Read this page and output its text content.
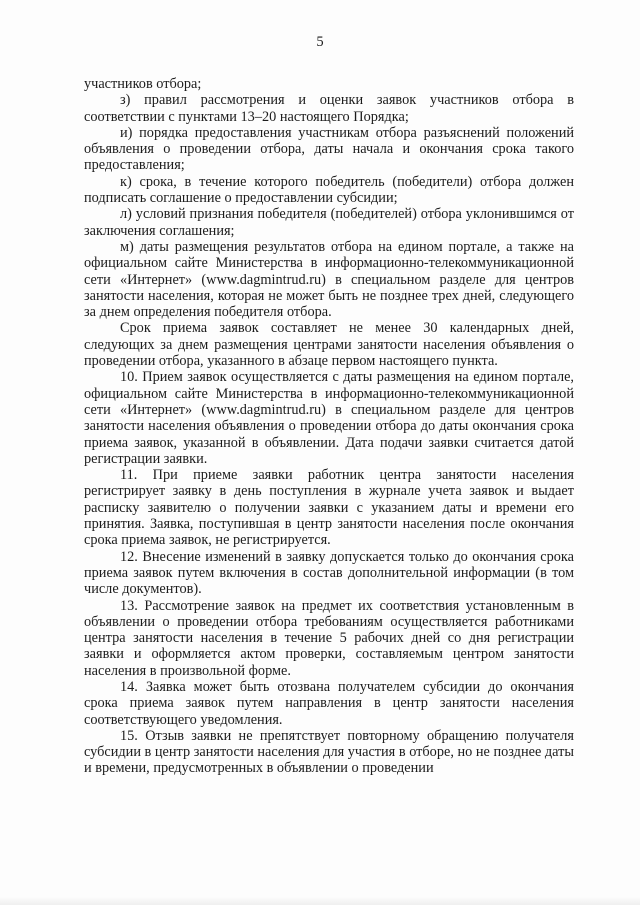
5

участников отбора;

з) правил рассмотрения и оценки заявок участников отбора в соответствии с пунктами 13–20 настоящего Порядка;

и) порядка предоставления участникам отбора разъяснений положений объявления о проведении отбора, даты начала и окончания срока такого предоставления;

к) срока, в течение которого победитель (победители) отбора должен подписать соглашение о предоставлении субсидии;

л) условий признания победителя (победителей) отбора уклонившимся от заключения соглашения;

м) даты размещения результатов отбора на едином портале, а также на официальном сайте Министерства в информационно-телекоммуникационной сети «Интернет» (www.dagmintrud.ru) в специальном разделе для центров занятости населения, которая не может быть не позднее трех дней, следующего за днем определения победителя отбора.

Срок приема заявок составляет не менее 30 календарных дней, следующих за днем размещения центрами занятости населения объявления о проведении отбора, указанного в абзаце первом настоящего пункта.

10. Прием заявок осуществляется с даты размещения на едином портале, официальном сайте Министерства в информационно-телекоммуникационной сети «Интернет» (www.dagmintrud.ru) в специальном разделе для центров занятости населения объявления о проведении отбора до даты окончания срока приема заявок, указанной в объявлении. Дата подачи заявки считается датой регистрации заявки.

11. При приеме заявки работник центра занятости населения регистрирует заявку в день поступления в журнале учета заявок и выдает расписку заявителю о получении заявки с указанием даты и времени его принятия. Заявка, поступившая в центр занятости населения после окончания срока приема заявок, не регистрируется.

12. Внесение изменений в заявку допускается только до окончания срока приема заявок путем включения в состав дополнительной информации (в том числе документов).

13. Рассмотрение заявок на предмет их соответствия установленным в объявлении о проведении отбора требованиям осуществляется работниками центра занятости населения в течение 5 рабочих дней со дня регистрации заявки и оформляется актом проверки, составляемым центром занятости населения в произвольной форме.

14. Заявка может быть отозвана получателем субсидии до окончания срока приема заявок путем направления в центр занятости населения соответствующего уведомления.

15. Отзыв заявки не препятствует повторному обращению получателя субсидии в центр занятости населения для участия в отборе, но не позднее даты и времени, предусмотренных в объявлении о проведении
